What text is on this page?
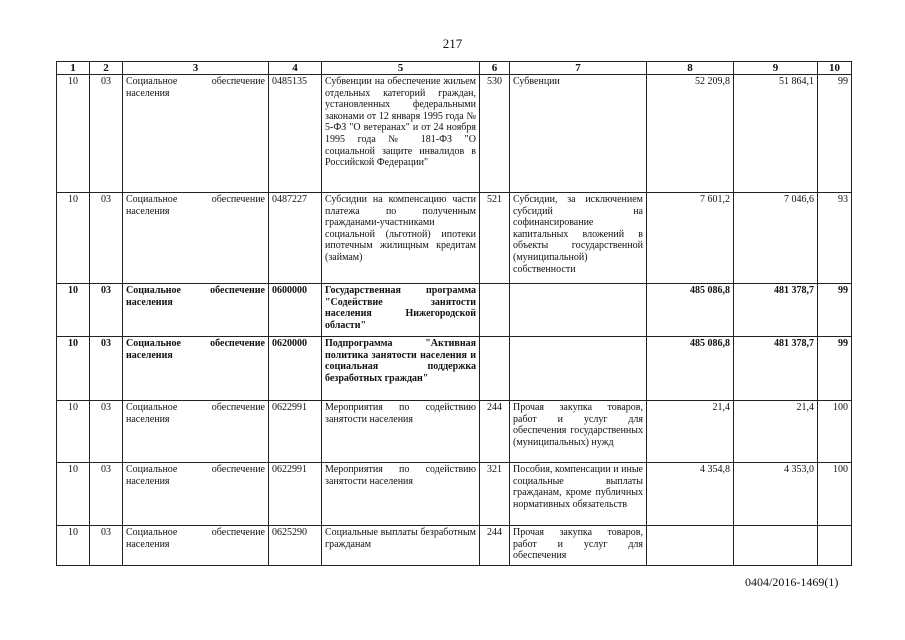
217
1	2	3	4	5	6	7	8	9	10
10	03	Социальное обеспечение населения	0485135	Субвенции на обеспечение жильем отдельных категорий граждан, установленных федеральными законами от 12 января 1995 года № 5-ФЗ "О ветеранах" и от 24 ноября 1995 года № 181-ФЗ "О социальной защите инвалидов в Российской Федерации"	530	Субвенции	52 209,8	51 864,1	99
10	03	Социальное обеспечение населения	0487227	Субсидии на компенсацию части платежа по полученным гражданами-участниками социальной (льготной) ипотеки ипотечным жилищным кредитам (займам)	521	Субсидии, за исключением субсидий на софинансирование капитальных вложений в объекты государственной (муниципальной) собственности	7 601,2	7 046,6	93
10	03	Социальное обеспечение населения	0600000	Государственная программа "Содействие занятости населения Нижегородской области"			485 086,8	481 378,7	99
10	03	Социальное обеспечение населения	0620000	Подпрограмма "Активная политика занятости населения и социальная поддержка безработных граждан"			485 086,8	481 378,7	99
10	03	Социальное обеспечение населения	0622991	Мероприятия по содействию занятости населения	244	Прочая закупка товаров, работ и услуг для обеспечения государственных (муниципальных) нужд	21,4	21,4	100
10	03	Социальное обеспечение населения	0622991	Мероприятия по содействию занятости населения	321	Пособия, компенсации и иные социальные выплаты гражданам, кроме публичных нормативных обязательств	4 354,8	4 353,0	100
10	03	Социальное обеспечение населения	0625290	Социальные выплаты безработным гражданам	244	Прочая закупка товаров, работ и услуг для обеспечения			
0404/2016-1469(1)
